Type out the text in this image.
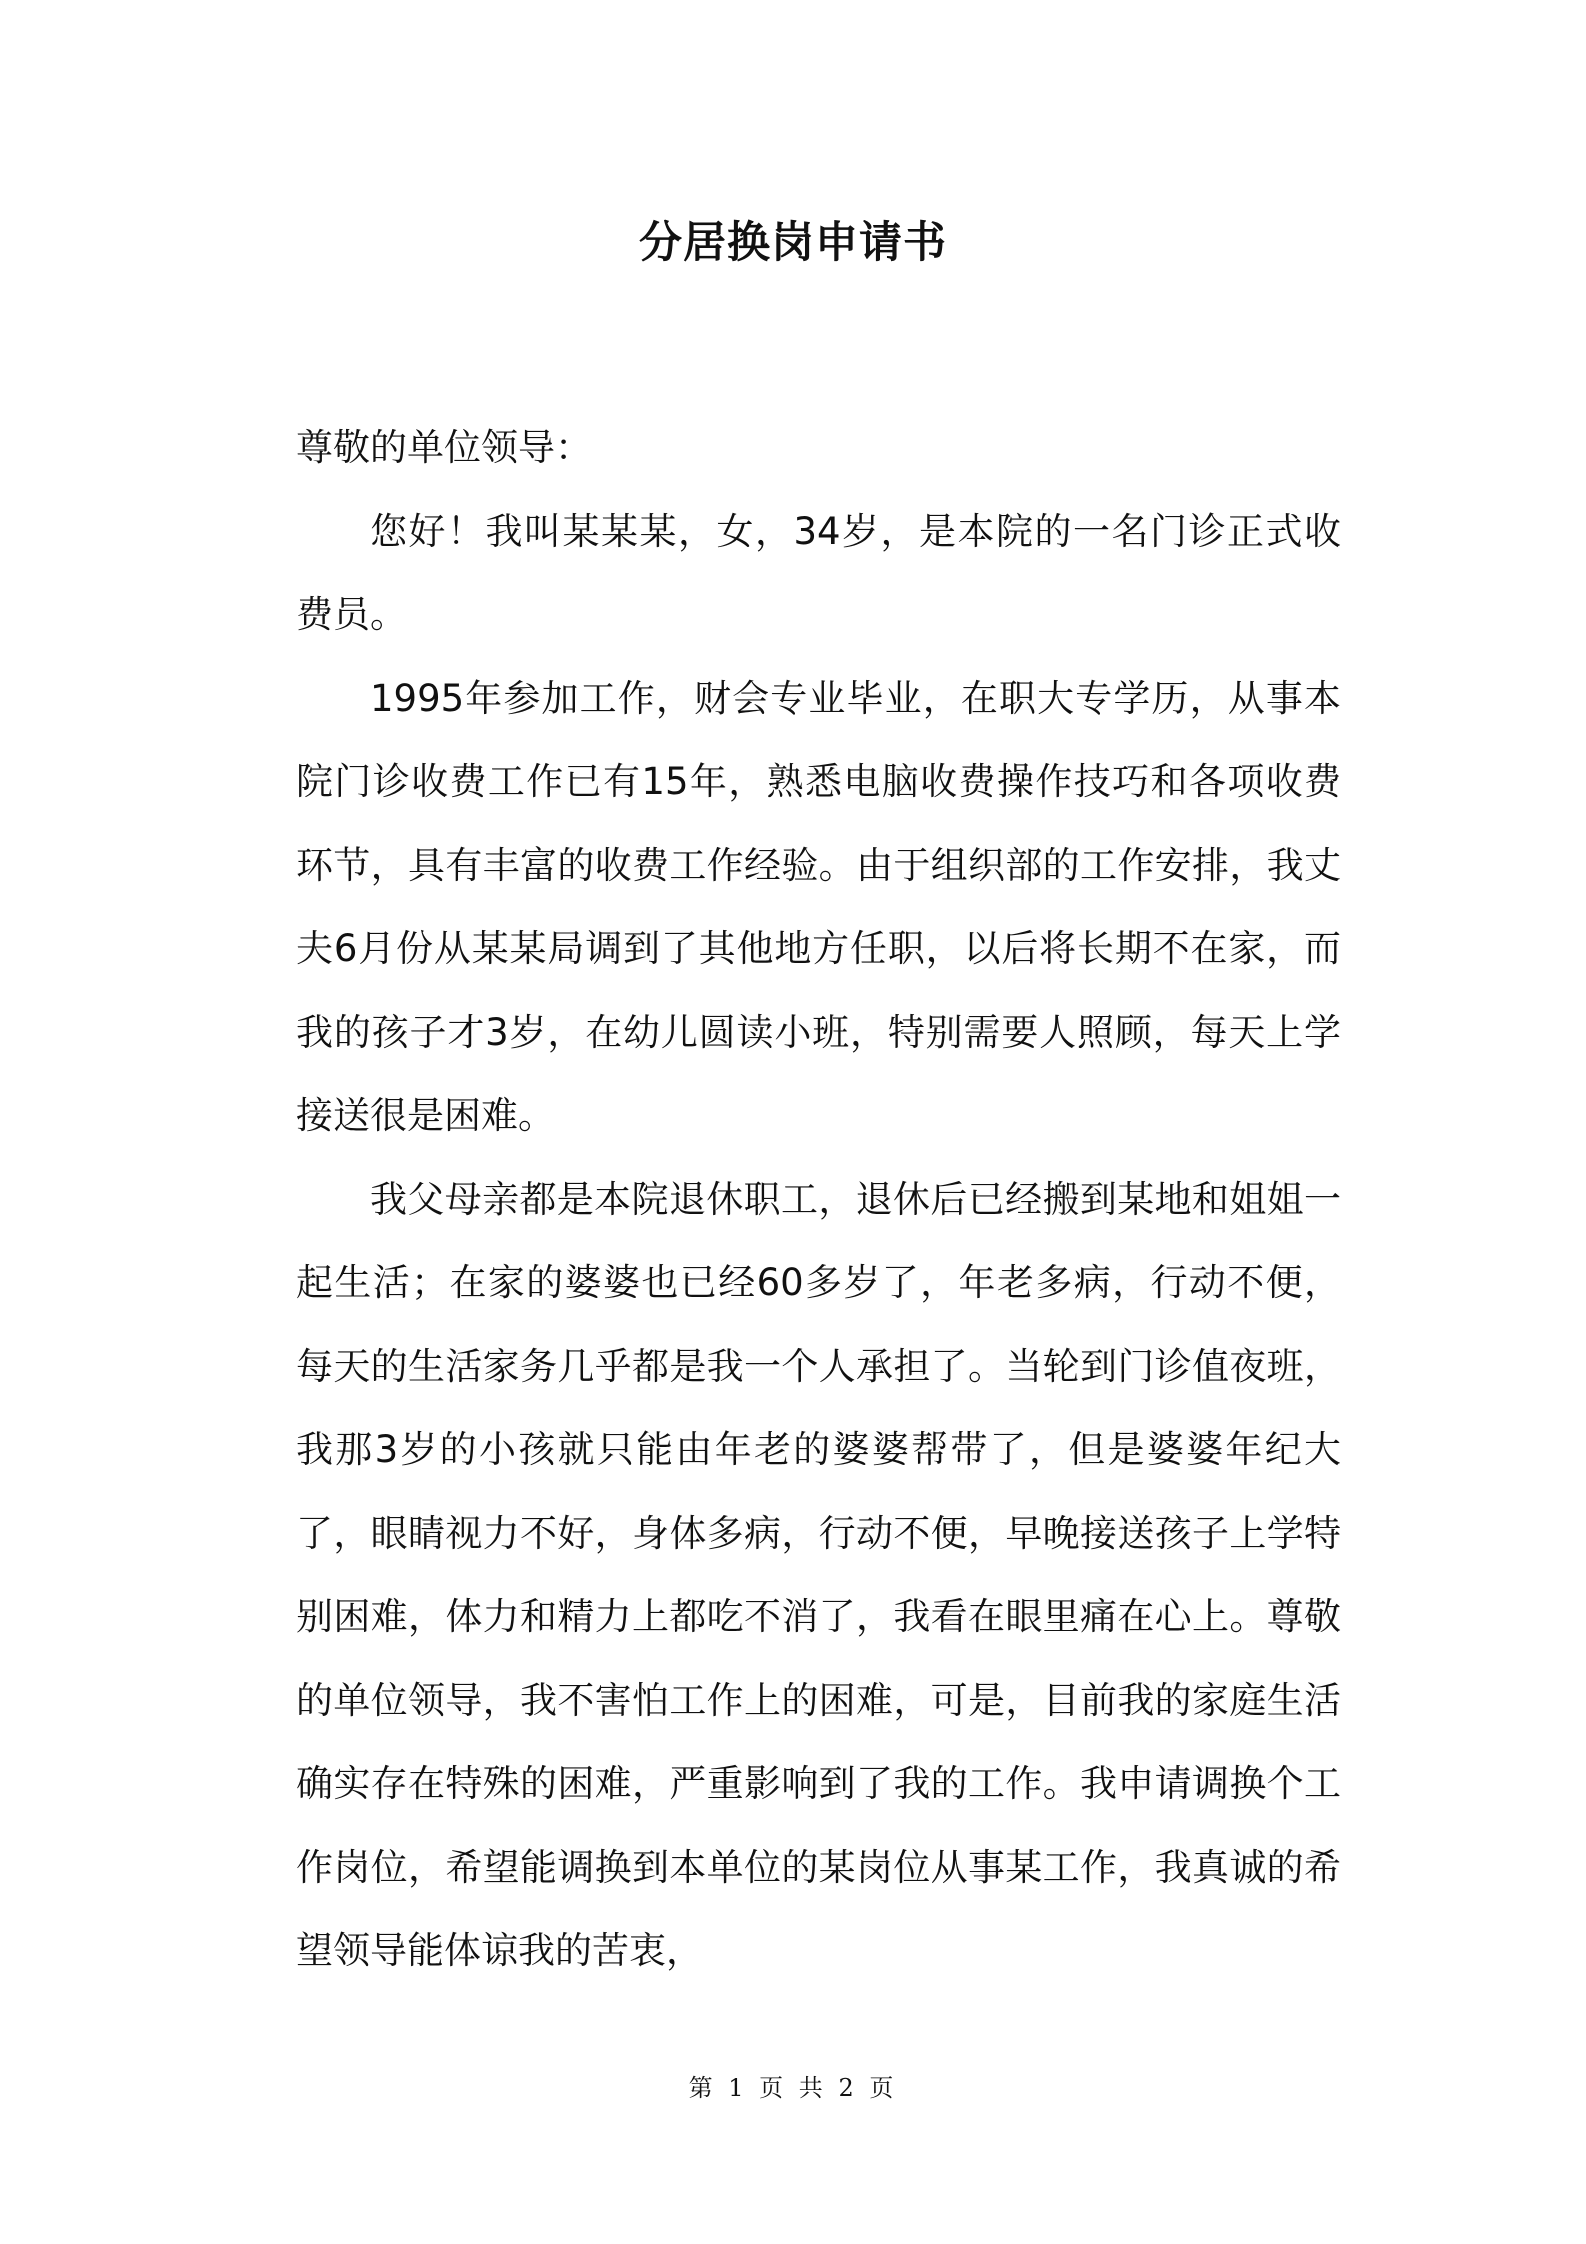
分居换岗申请书

尊敬的单位领导：

您好！我叫某某某，女，34岁，是本院的一名门诊正式收费员。

1995年参加工作，财会专业毕业，在职大专学历，从事本院门诊收费工作已有15年，熟悉电脑收费操作技巧和各项收费环节，具有丰富的收费工作经验。由于组织部的工作安排，我丈夫6月份从某某局调到了其他地方任职，以后将长期不在家，而我的孩子才3岁，在幼儿圆读小班，特别需要人照顾，每天上学接送很是困难。

我父母亲都是本院退休职工，退休后已经搬到某地和姐姐一起生活；在家的婆婆也已经60多岁了，年老多病，行动不便，每天的生活家务几乎都是我一个人承担了。当轮到门诊值夜班，我那3岁的小孩就只能由年老的婆婆帮带了，但是婆婆年纪大了，眼睛视力不好，身体多病，行动不便，早晚接送孩子上学特别困难，体力和精力上都吃不消了，我看在眼里痛在心上。尊敬的单位领导，我不害怕工作上的困难，可是，目前我的家庭生活确实存在特殊的困难，严重影响到了我的工作。我申请调换个工作岗位，希望能调换到本单位的某岗位从事某工作，我真诚的希望领导能体谅我的苦衷，

第 1 页 共 2 页
